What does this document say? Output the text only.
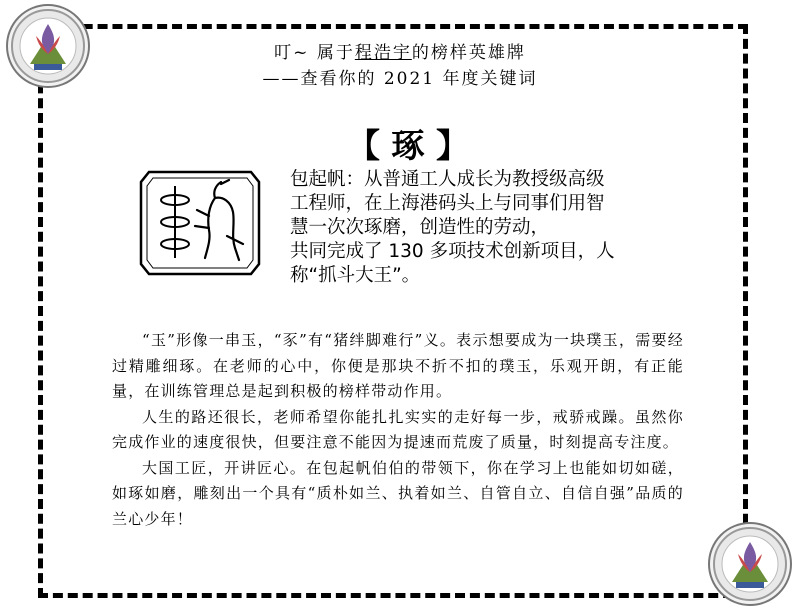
叮~ 属于程浩宇的榜样英雄牌
——查看你的 2021 年度关键词
【 琢 】

包起帆：从普通工人成长为教授级高级

工程师，在上海港码头上与同事们用智

慧一次次琢磨，创造性的劳动，

共同完成了 130 多项技术创新项目，人

称“抓斗大王”。

“玉”形像一串玉，“豕”有“猪绊脚难行”义。表示想要成为一块璞玉，需要经过精雕细琢。在老师的心中，你便是那块不折不扣的璞玉，乐观开朗，有正能量，在训练管理总是起到积极的榜样带动作用。

人生的路还很长，老师希望你能扎扎实实的走好每一步，戒骄戒躁。虽然你完成作业的速度很快，但要注意不能因为提速而荒废了质量，时刻提高专注度。

大国工匠，开讲匠心。在包起帆伯伯的带领下，你在学习上也能如切如磋，如琢如磨，雕刻出一个具有“质朴如兰、执着如兰、自管自立、自信自强”品质的兰心少年！
